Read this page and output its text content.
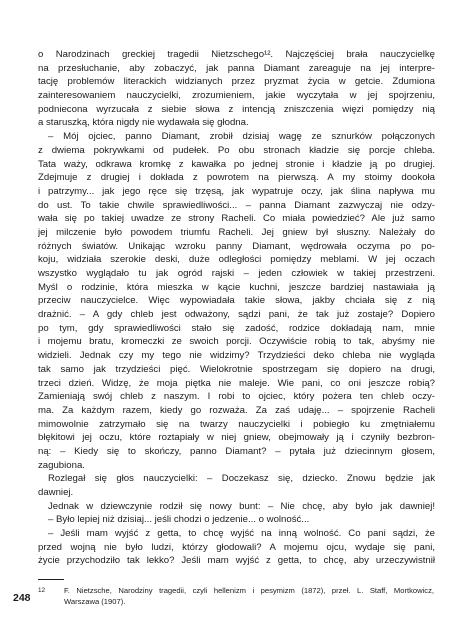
o Narodzinach greckiej tragedii Nietzschego¹². Najczęściej brała nauczycielkę
na przesłuchanie, aby zobaczyć, jak panna Diamant zareaguje na jej interpre-
tację problemów literackich widzianych przez pryzmat życia w getcie. Zdumiona
zainteresowaniem nauczycielki, zrozumieniem, jakie wyczytała w jej spojrzeniu,
podniecona wyrzucała z siebie słowa z intencją zniszczenia więzi pomiędzy nią
a staruszką, która nigdy nie wydawała się głodna.
– Mój ojciec, panno Diamant, zrobił dzisiaj wagę ze sznurków połączonych
z dwiema pokrywkami od pudełek. Po obu stronach kładzie się porcje chleba.
Tata waży, odkrawa kromkę z kawałka po jednej stronie i kładzie ją po drugiej.
Zdejmuje z drugiej i dokłada z powrotem na pierwszą. A my stoimy dookoła
i patrzymy... jak jego ręce się trzęsą, jak wypatruje oczy, jak ślina napływa mu
do ust. To takie chwile sprawiedliwości... – panna Diamant zazwyczaj nie odzy-
wała się po takiej uwadze ze strony Racheli. Co miała powiedzieć? Ale już samo
jej milczenie było powodem triumfu Racheli. Jej gniew był słuszny. Należały do
różnych światów. Unikając wzroku panny Diamant, wędrowała oczyma po po-
koju, widziała szerokie deski, duże odległości pomiędzy meblami. W jej oczach
wszystko wyglądało tu jak ogród rajski – jeden człowiek w takiej przestrzeni.
Myśl o rodzinie, która mieszka w kącie kuchni, jeszcze bardziej nastawiała ją
przeciw nauczycielce. Więc wypowiadała takie słowa, jakby chciała się z nią
drażnić. – A gdy chleb jest odważony, sądzi pani, że tak już zostaje? Dopiero
po tym, gdy sprawiedliwości stało się zadość, rodzice dokładają nam, mnie
i mojemu bratu, kromeczki ze swoich porcji. Oczywiście robią to tak, abyśmy nie
widzieli. Jednak czy my tego nie widzimy? Trzydzieści deko chleba nie wygląda
tak samo jak trzydzieści pięć. Wielokrotnie spostrzegam się dopiero na drugi,
trzeci dzień. Widzę, że moja piętka nie maleje. Wie pani, co oni jeszcze robią?
Zamieniają swój chleb z naszym. I robi to ojciec, który pożera ten chleb oczy-
ma. Za każdym razem, kiedy go rozważa. Za zaś udaję... – spojrzenie Racheli
mimowolnie zatrzymało się na twarzy nauczycielki i pobiegło ku zmętniałemu
błękitowi jej oczu, które roztapiały w niej gniew, obejmowały ją i czyniły bezbron-
ną: – Kiedy się to skończy, panno Diamant? – pytała już dziecinnym głosem,
zagubiona.
Rozlegał się głos nauczycielki: – Doczekasz się, dziecko. Znowu będzie jak
dawniej.
Jednak w dziewczynie rodził się nowy bunt: – Nie chcę, aby było jak dawniej!
– Było lepiej niż dzisiaj... jeśli chodzi o jedzenie... o wolność...
– Jeśli mam wyjść z getta, to chcę wyjść na inną wolność. Co pani sądzi, że
przed wojną nie było ludzi, którzy głodowali? A mojemu ojcu, wydaje się pani,
życie przychodziło tak lekko? Jeśli mam wyjść z getta, to chcę, aby urzeczywistnił
12 F. Nietzsche, Narodziny tragedii, czyli hellenizm i pesymizm (1872), przeł. L. Staff, Mortkowicz,
Warszawa (1907).
248
